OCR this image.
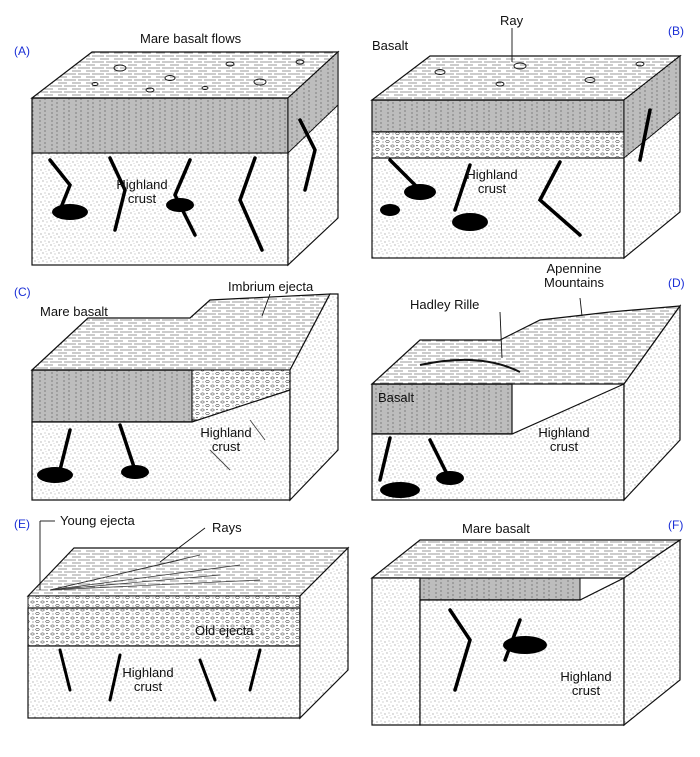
(A)
(B)
(C)
(D)
(E)	(F)
Mare basalt flows
Highland
crust
Basalt
Ray
Highland
crust
Mare basalt
Imbrium ejecta
Highland
crust
Apennine
Mountains
Hadley Rille
Basalt
Highland
crust
Young ejecta	Rays
Old ejecta
Highland
crust
Mare basalt
Highland
crust
